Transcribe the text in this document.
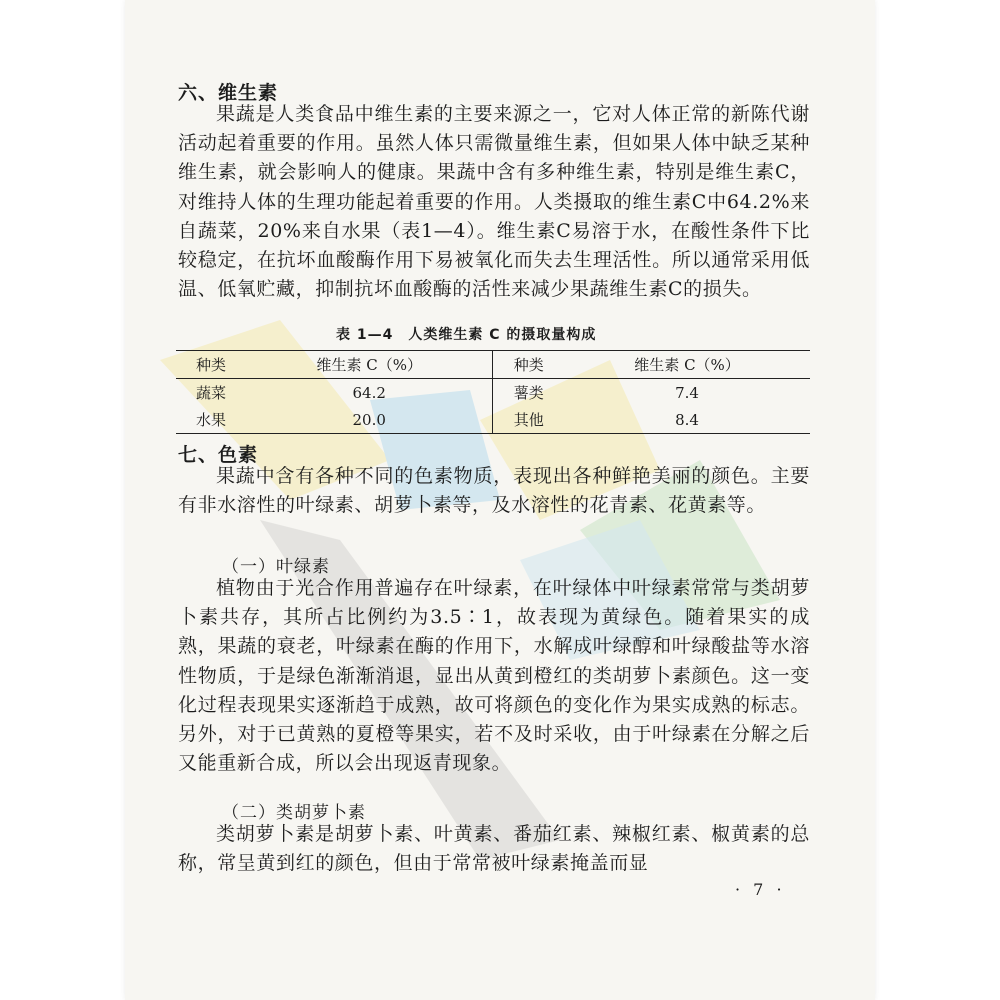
六、维生素
果蔬是人类食品中维生素的主要来源之一，它对人体正常的新陈代谢活动起着重要的作用。虽然人体只需微量维生素，但如果人体中缺乏某种维生素，就会影响人的健康。果蔬中含有多种维生素，特别是维生素C，对维持人体的生理功能起着重要的作用。人类摄取的维生素C中64.2%来自蔬菜，20%来自水果（表1—4）。维生素C易溶于水，在酸性条件下比较稳定，在抗坏血酸酶作用下易被氧化而失去生理活性。所以通常采用低温、低氧贮藏，抑制抗坏血酸酶的活性来减少果蔬维生素C的损失。
表 1—4　人类维生素 C 的摄取量构成
种类	维生素 C（%）	种类	维生素 C（%）
蔬菜	64.2	薯类	7.4
水果	20.0	其他	8.4
七、色素
果蔬中含有各种不同的色素物质，表现出各种鲜艳美丽的颜色。主要有非水溶性的叶绿素、胡萝卜素等，及水溶性的花青素、花黄素等。
（一）叶绿素
植物由于光合作用普遍存在叶绿素，在叶绿体中叶绿素常常与类胡萝卜素共存，其所占比例约为3.5∶1，故表现为黄绿色。随着果实的成熟，果蔬的衰老，叶绿素在酶的作用下，水解成叶绿醇和叶绿酸盐等水溶性物质，于是绿色渐渐消退，显出从黄到橙红的类胡萝卜素颜色。这一变化过程表现果实逐渐趋于成熟，故可将颜色的变化作为果实成熟的标志。另外，对于已黄熟的夏橙等果实，若不及时采收，由于叶绿素在分解之后又能重新合成，所以会出现返青现象。
（二）类胡萝卜素
类胡萝卜素是胡萝卜素、叶黄素、番茄红素、辣椒红素、椒黄素的总称，常呈黄到红的颜色，但由于常常被叶绿素掩盖而显
· 7 ·
